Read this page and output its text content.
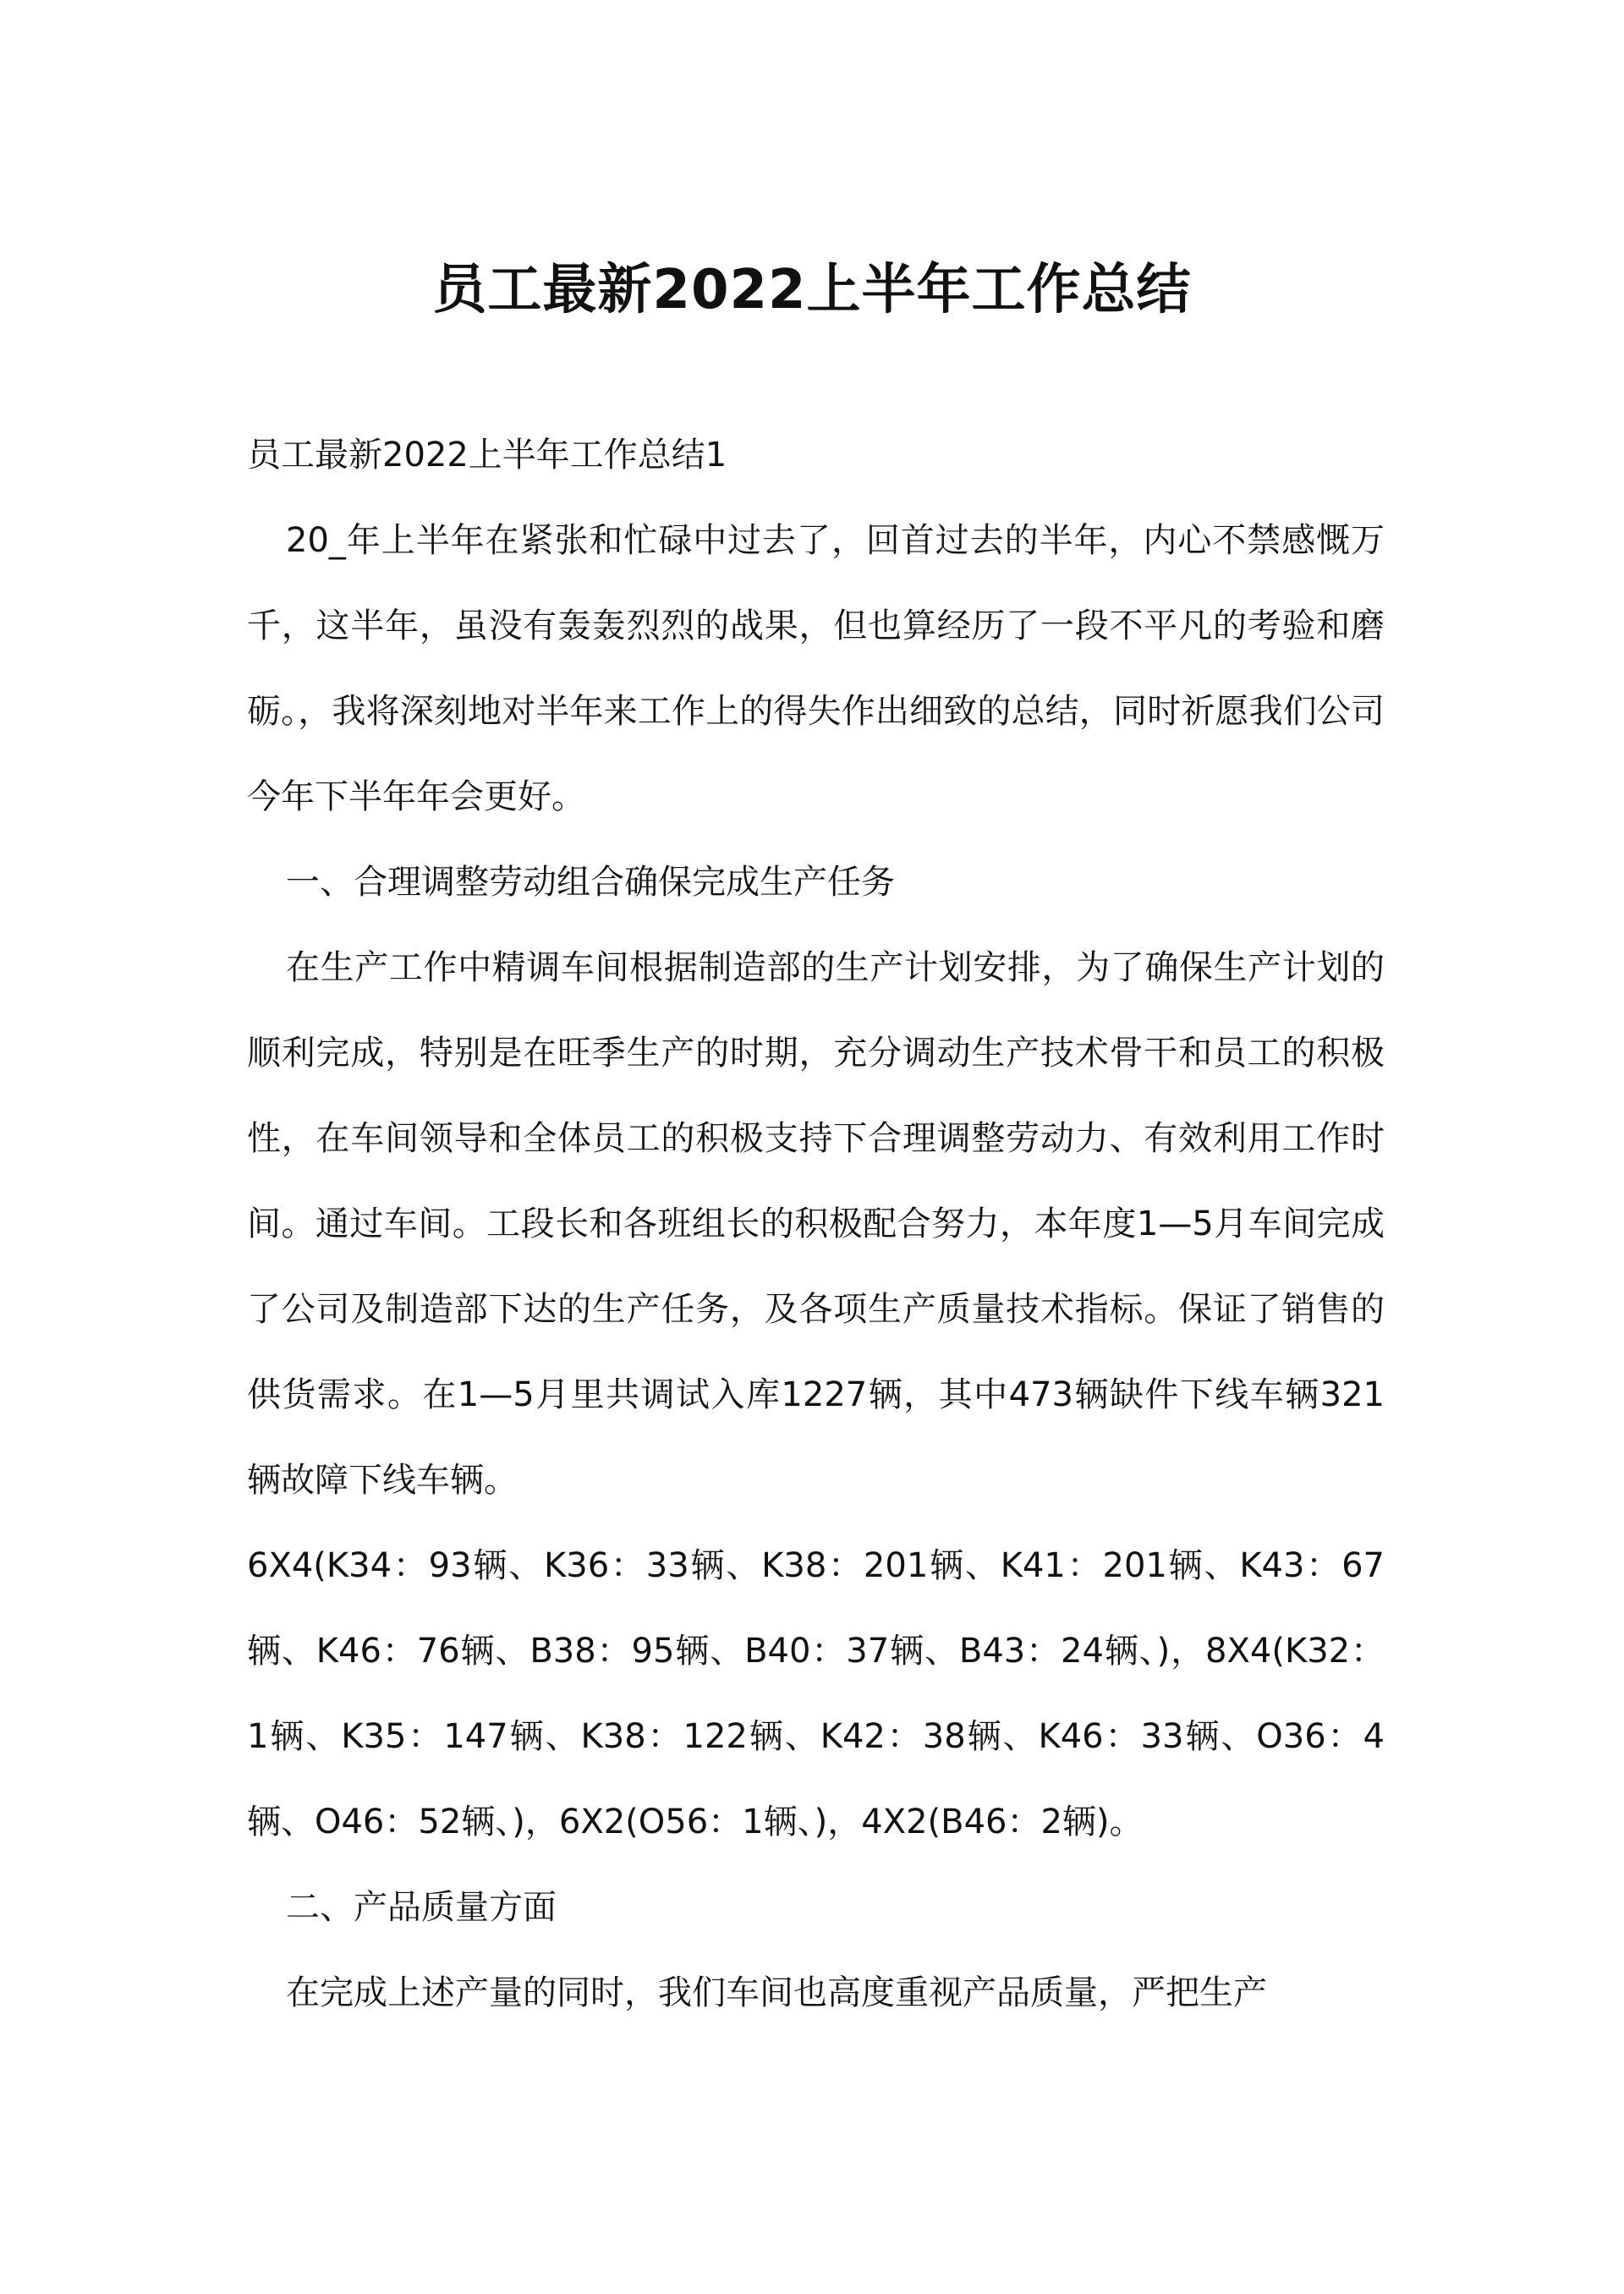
员工最新2022上半年工作总结

员工最新2022上半年工作总结1

20_年上半年在紧张和忙碌中过去了，回首过去的半年，内心不禁感慨万千，这半年，虽没有轰轰烈烈的战果，但也算经历了一段不平凡的考验和磨砺。，我将深刻地对半年来工作上的得失作出细致的总结，同时祈愿我们公司今年下半年年会更好。

一、合理调整劳动组合确保完成生产任务

在生产工作中精调车间根据制造部的生产计划安排，为了确保生产计划的顺利完成，特别是在旺季生产的时期，充分调动生产技术骨干和员工的积极性，在车间领导和全体员工的积极支持下合理调整劳动力、有效利用工作时间。通过车间。工段长和各班组长的积极配合努力，本年度1—5月车间完成了公司及制造部下达的生产任务，及各项生产质量技术指标。保证了销售的供货需求。在1—5月里共调试入库1227辆，其中473辆缺件下线车辆321辆故障下线车辆。

6X4(K34：93辆、K36：33辆、K38：201辆、K41：201辆、K43：67辆、K46：76辆、B38：95辆、B40：37辆、B43：24辆、)，8X4(K32：1辆、K35：147辆、K38：122辆、K42：38辆、K46：33辆、O36：4辆、O46：52辆、)，6X2(O56：1辆、)，4X2(B46：2辆)。

二、产品质量方面

在完成上述产量的同时，我们车间也高度重视产品质量，严把生产
